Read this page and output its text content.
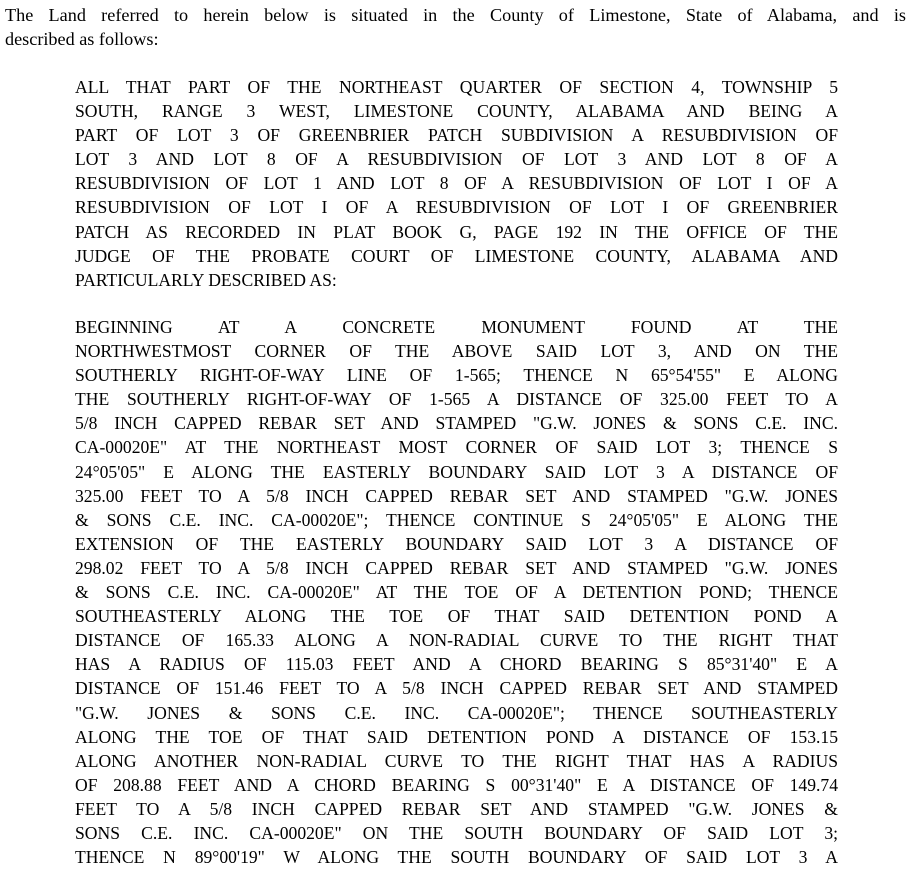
The Land referred to herein below is situated in the County of Limestone, State of Alabama, and is
described as follows:
ALL THAT PART OF THE NORTHEAST QUARTER OF SECTION 4, TOWNSHIP 5
SOUTH, RANGE 3 WEST, LIMESTONE COUNTY, ALABAMA AND BEING A
PART OF LOT 3 OF GREENBRIER PATCH SUBDIVISION A RESUBDIVISION OF
LOT 3 AND LOT 8 OF A RESUBDIVISION OF LOT 3 AND LOT 8 OF A
RESUBDIVISION OF LOT 1 AND LOT 8 OF A RESUBDIVISION OF LOT I OF A
RESUBDIVISION OF LOT I OF A RESUBDIVISION OF LOT I OF GREENBRIER
PATCH AS RECORDED IN PLAT BOOK G, PAGE 192 IN THE OFFICE OF THE
JUDGE OF THE PROBATE COURT OF LIMESTONE COUNTY, ALABAMA AND
PARTICULARLY DESCRIBED AS:
BEGINNING AT A CONCRETE MONUMENT FOUND AT THE
NORTHWESTMOST CORNER OF THE ABOVE SAID LOT 3, AND ON THE
SOUTHERLY RIGHT-OF-WAY LINE OF 1-565; THENCE N 65°54'55" E ALONG
THE SOUTHERLY RIGHT-OF-WAY OF 1-565 A DISTANCE OF 325.00 FEET TO A
5/8 INCH CAPPED REBAR SET AND STAMPED "G.W. JONES & SONS C.E. INC.
CA-00020E" AT THE NORTHEAST MOST CORNER OF SAID LOT 3; THENCE S
24°05'05" E ALONG THE EASTERLY BOUNDARY SAID LOT 3 A DISTANCE OF
325.00 FEET TO A 5/8 INCH CAPPED REBAR SET AND STAMPED "G.W. JONES
& SONS C.E. INC. CA-00020E"; THENCE CONTINUE S 24°05'05" E ALONG THE
EXTENSION OF THE EASTERLY BOUNDARY SAID LOT 3 A DISTANCE OF
298.02 FEET TO A 5/8 INCH CAPPED REBAR SET AND STAMPED "G.W. JONES
& SONS C.E. INC. CA-00020E" AT THE TOE OF A DETENTION POND; THENCE
SOUTHEASTERLY ALONG THE TOE OF THAT SAID DETENTION POND A
DISTANCE OF 165.33 ALONG A NON-RADIAL CURVE TO THE RIGHT THAT
HAS A RADIUS OF 115.03 FEET AND A CHORD BEARING S 85°31'40" E A
DISTANCE OF 151.46 FEET TO A 5/8 INCH CAPPED REBAR SET AND STAMPED
"G.W. JONES & SONS C.E. INC. CA-00020E"; THENCE SOUTHEASTERLY
ALONG THE TOE OF THAT SAID DETENTION POND A DISTANCE OF 153.15
ALONG ANOTHER NON-RADIAL CURVE TO THE RIGHT THAT HAS A RADIUS
OF 208.88 FEET AND A CHORD BEARING S 00°31'40" E A DISTANCE OF 149.74
FEET TO A 5/8 INCH CAPPED REBAR SET AND STAMPED "G.W. JONES &
SONS C.E. INC. CA-00020E" ON THE SOUTH BOUNDARY OF SAID LOT 3;
THENCE N 89°00'19" W ALONG THE SOUTH BOUNDARY OF SAID LOT 3 A
